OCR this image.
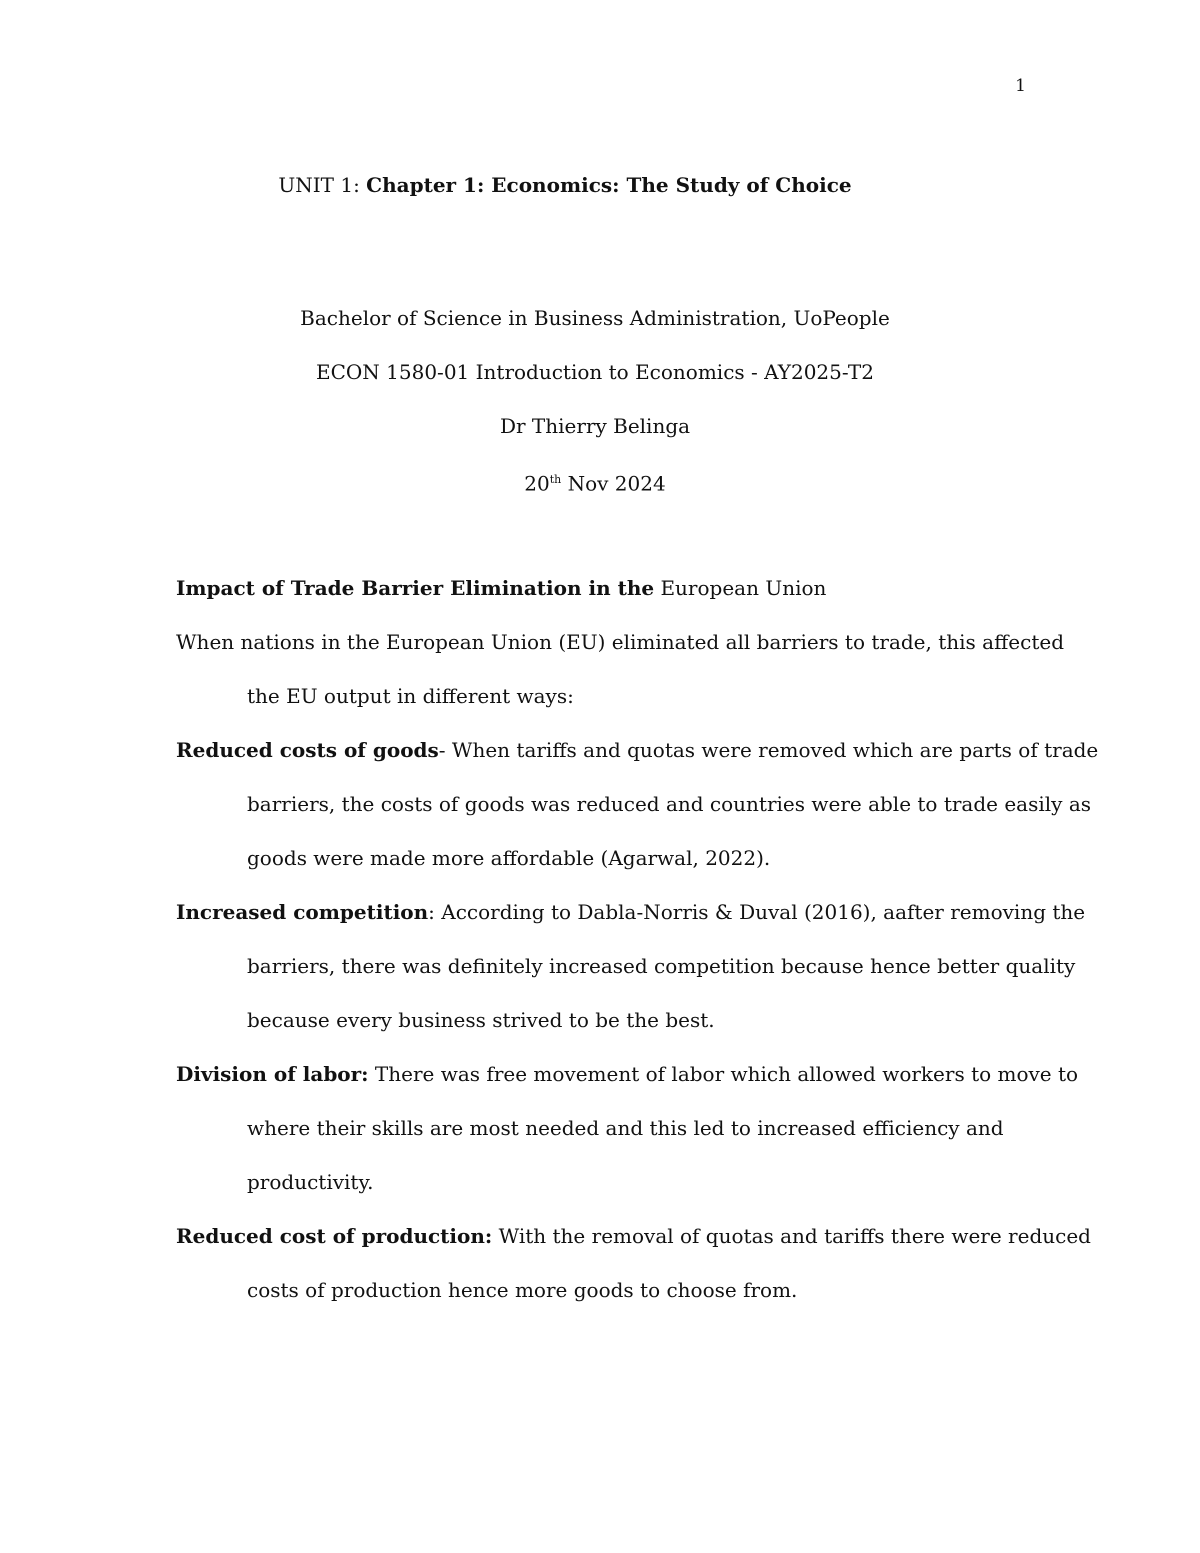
1
UNIT 1: Chapter 1: Economics: The Study of Choice
Bachelor of Science in Business Administration, UoPeople
ECON 1580-01 Introduction to Economics - AY2025-T2
Dr Thierry Belinga
20th Nov 2024
Impact of Trade Barrier Elimination in the European Union
When nations in the European Union (EU) eliminated all barriers to trade, this affected
the EU output in different ways:
Reduced costs of goods- When tariffs and quotas were removed which are parts of trade
barriers, the costs of goods was reduced and countries were able to trade easily as
goods were made more affordable (Agarwal, 2022).
Increased competition: According to Dabla-Norris & Duval (2016), aafter removing the
barriers, there was definitely increased competition because hence better quality
because every business strived to be the best.
Division of labor: There was free movement of labor which allowed workers to move to
where their skills are most needed and this led to increased efficiency and
productivity.
Reduced cost of production: With the removal of quotas and tariffs there were reduced
costs of production hence more goods to choose from.
